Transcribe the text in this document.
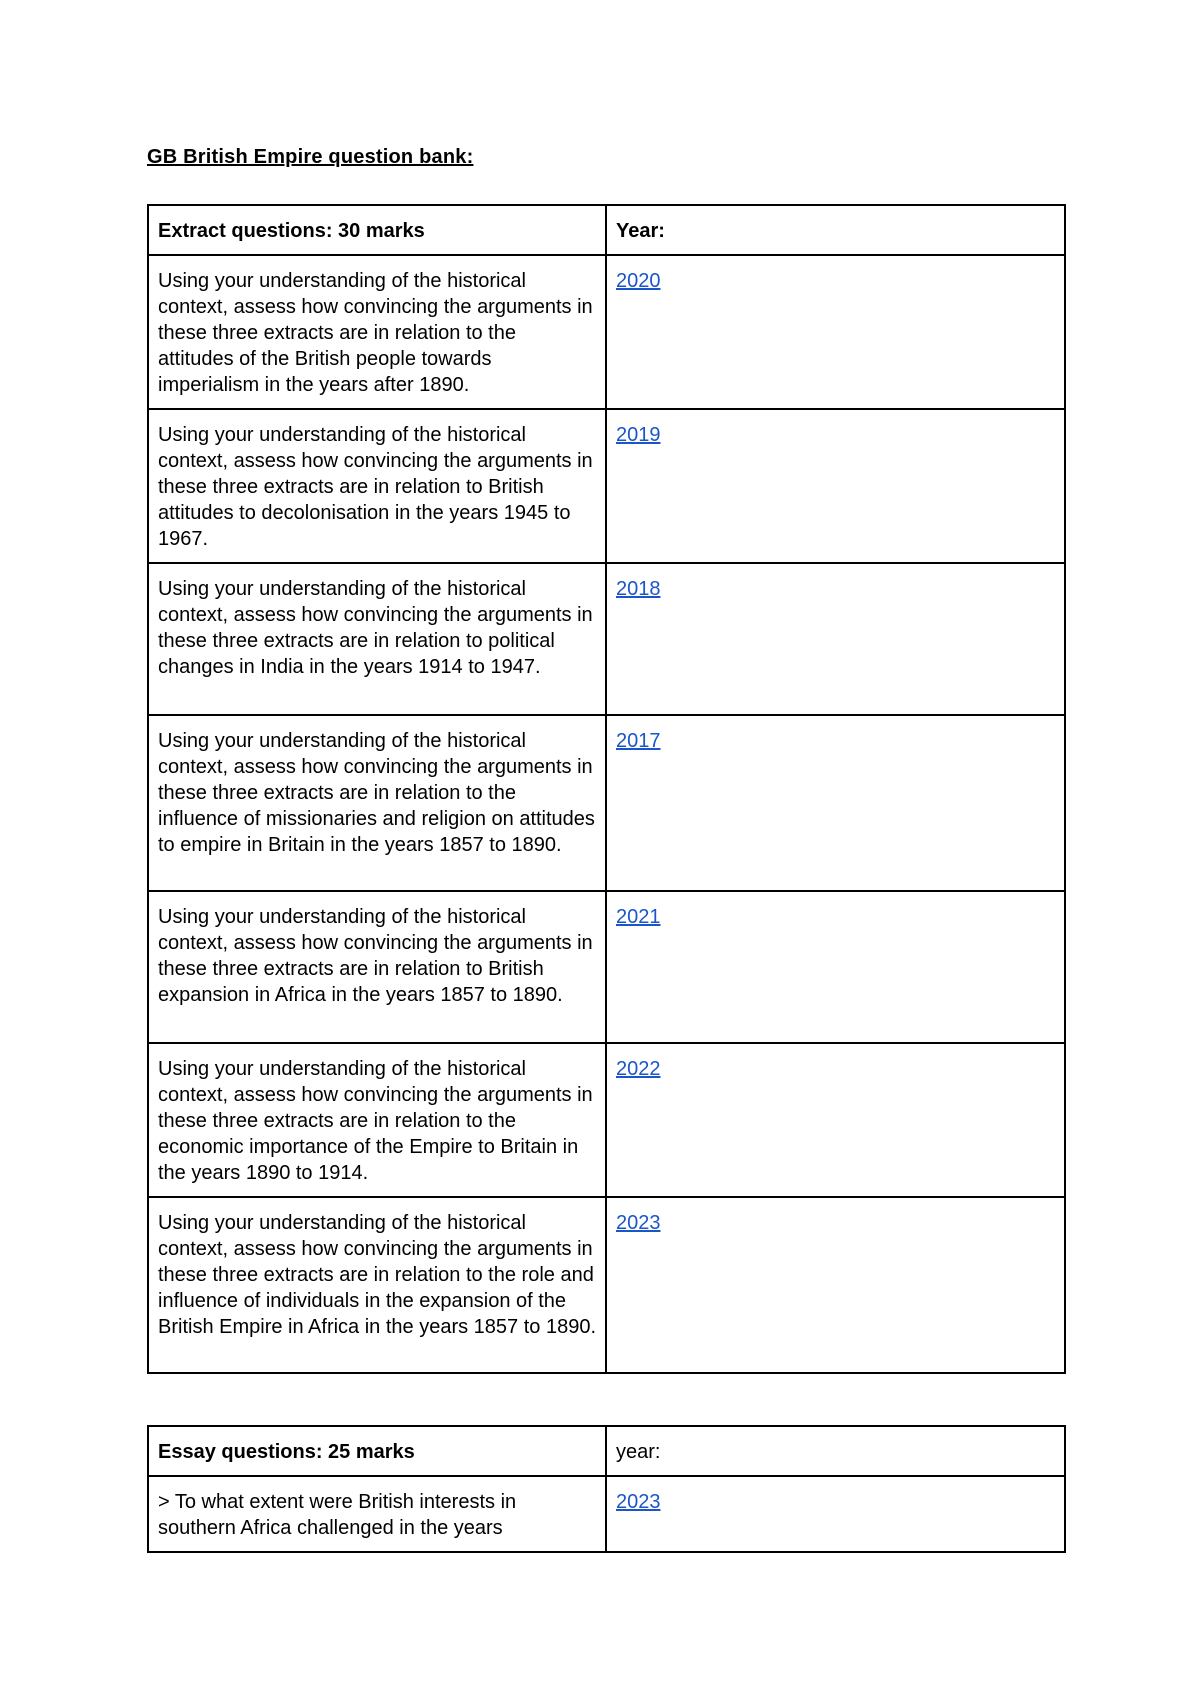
GB British Empire question bank:
Extract questions: 30 marks	Year:
Using your understanding of the historical context, assess how convincing the arguments in these three extracts are in relation to the attitudes of the British people towards imperialism in the years after 1890.	2020
Using your understanding of the historical context, assess how convincing the arguments in these three extracts are in relation to British attitudes to decolonisation in the years 1945 to 1967.	2019
Using your understanding of the historical context, assess how convincing the arguments in these three extracts are in relation to political changes in India in the years 1914 to 1947.	2018
Using your understanding of the historical context, assess how convincing the arguments in these three extracts are in relation to the influence of missionaries and religion on attitudes to empire in Britain in the years 1857 to 1890.	2017
Using your understanding of the historical context, assess how convincing the arguments in these three extracts are in relation to British expansion in Africa in the years 1857 to 1890.	2021
Using your understanding of the historical context, assess how convincing the arguments in these three extracts are in relation to the economic importance of the Empire to Britain in the years 1890 to 1914.	2022
Using your understanding of the historical context, assess how convincing the arguments in these three extracts are in relation to the role and influence of individuals in the expansion of the British Empire in Africa in the years 1857 to 1890.	2023
Essay questions: 25 marks	year:
> To what extent were British interests in southern Africa challenged in the years	2023
